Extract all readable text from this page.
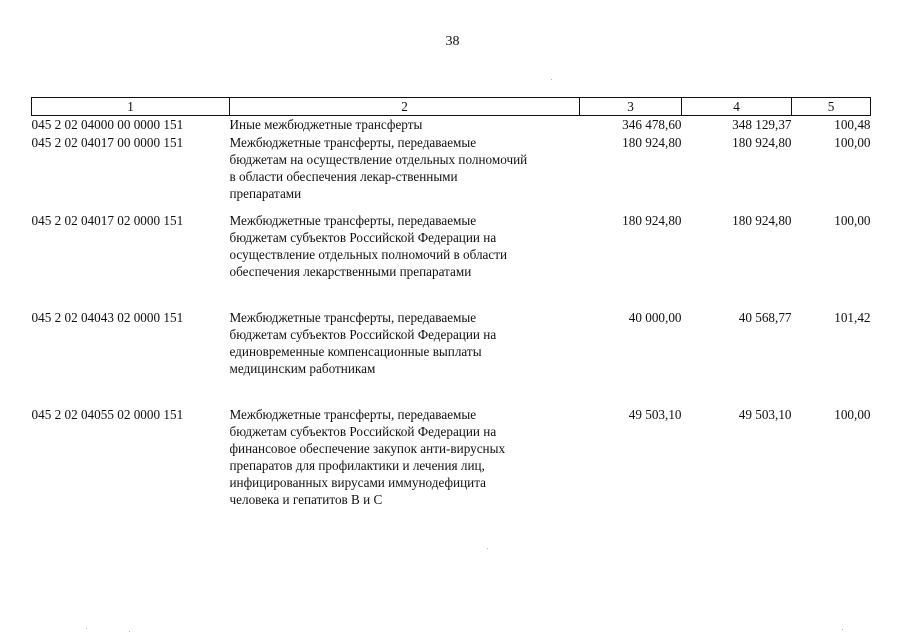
38
1	2	3	4	5
045 2 02 04000 00 0000 151	Иные межбюджетные трансферты	346 478,60	348 129,37	100,48
045 2 02 04017 00 0000 151	Межбюджетные трансферты, передаваемые бюджетам на осуществление отдельных полномочий в области обеспечения лекар-ственными препаратами	180 924,80	180 924,80	100,00
045 2 02 04017 02 0000 151	Межбюджетные трансферты, передаваемые бюджетам субъектов Российской Федерации на осуществление отдельных полномочий в области обеспечения лекарственными препаратами	180 924,80	180 924,80	100,00
045 2 02 04043 02 0000 151	Межбюджетные трансферты, передаваемые бюджетам субъектов Российской Федерации на единовременные компенсационные выплаты медицинским работникам	40 000,00	40 568,77	101,42
045 2 02 04055 02 0000 151	Межбюджетные трансферты, передаваемые бюджетам субъектов Российской Федерации на финансовое обеспечение закупок анти-вирусных препаратов для профилактики и лечения лиц, инфицированных вирусами иммунодефицита человека и гепатитов В и С	49 503,10	49 503,10	100,00
